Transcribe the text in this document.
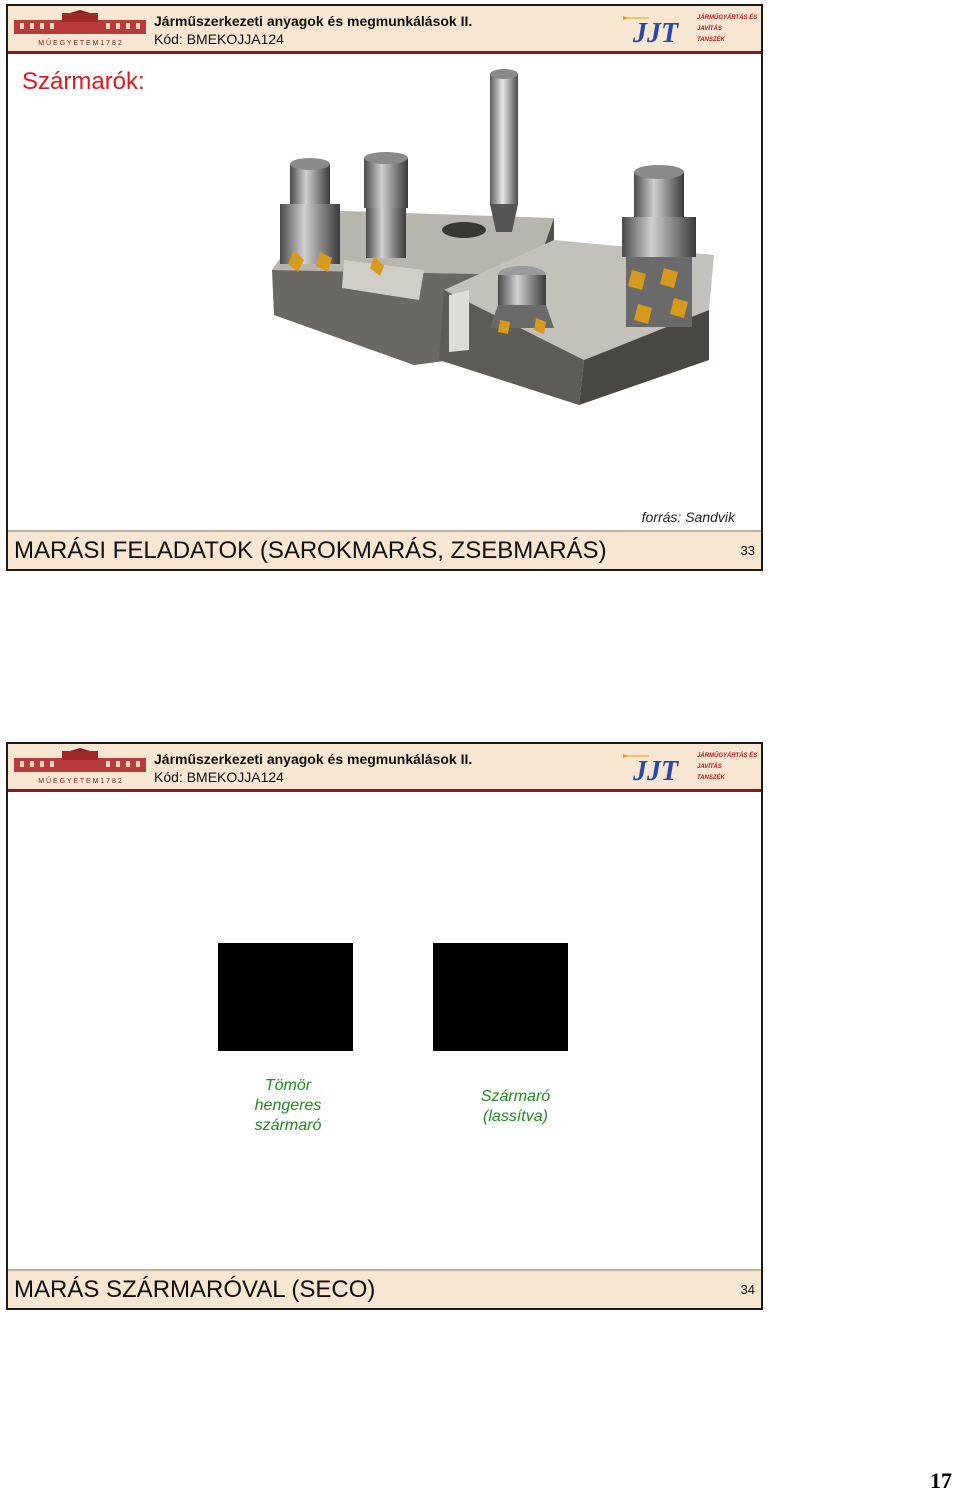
M Ű E G Y E T E M 1 7 8 2
Járműszerkezeti anyagok és megmunkálások II.
Kód: BMEKOJJA124	JJT	JÁRMŰGYÁRTÁS ÉS
JAVÍTÁS
TANSZÉK
Szármarók:
forrás: Sandvik
MARÁSI FELADATOK (SAROKMARÁS, ZSEBMARÁS)	33
M Ű E G Y E T E M 1 7 8 2
Járműszerkezeti anyagok és megmunkálások II.
Kód: BMEKOJJA124	JJT	JÁRMŰGYÁRTÁS ÉS
JAVÍTÁS
TANSZÉK
Tömör
hengeres
szármaró
Szármaró
(lassítva)
MARÁS SZÁRMARÓVAL (SECO)	34
17
